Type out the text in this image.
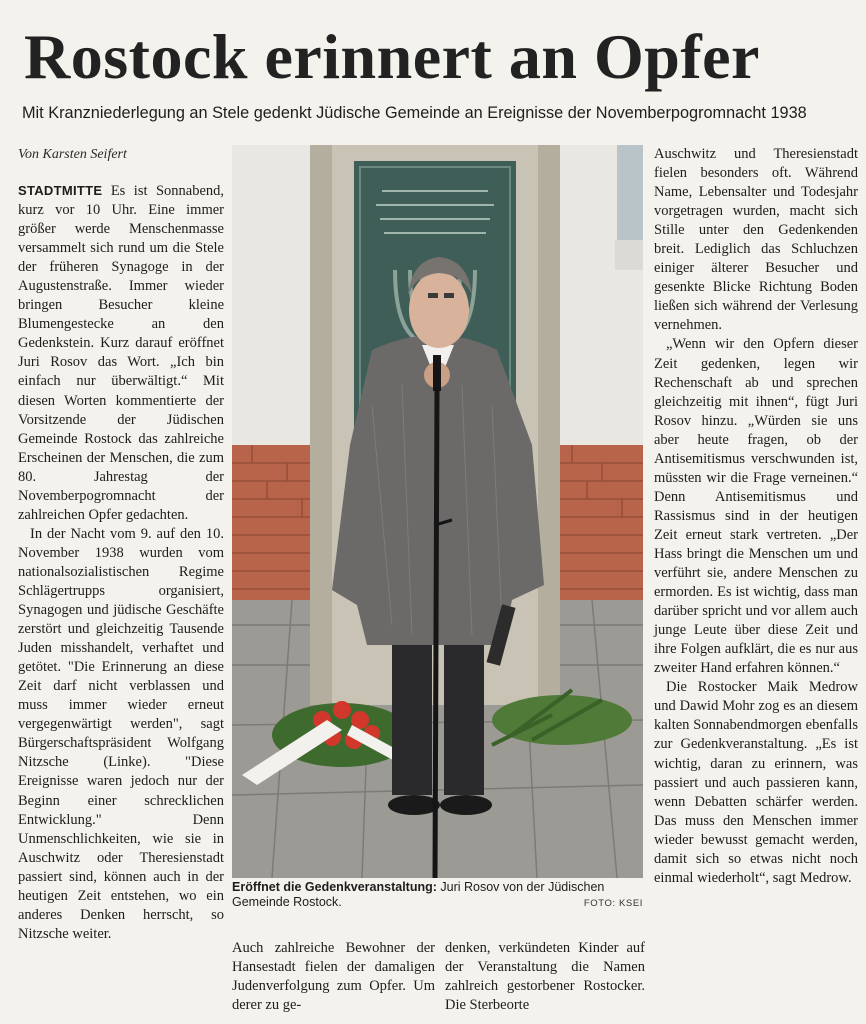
Rostock erinnert an Opfer
Mit Kranzniederlegung an Stele gedenkt Jüdische Gemeinde an Ereignisse der Novemberpogromnacht 1938
Von Karsten Seifert

STADTMITTE Es ist Sonnabend, kurz vor 10 Uhr. Eine immer größer werde Menschenmasse versammelt sich rund um die Stele der früheren Synagoge in der Augustenstraße. Immer wieder bringen Besucher kleine Blumengestecke an den Gedenkstein. Kurz darauf eröffnet Juri Rosov das Wort. „Ich bin einfach nur überwältigt.“ Mit diesen Worten kommentierte der Vorsitzende der Jüdischen Gemeinde Rostock das zahlreiche Erscheinen der Menschen, die zum 80. Jahrestag der Novemberpogromnacht der zahlreichen Opfer gedachten.

In der Nacht vom 9. auf den 10. November 1938 wurden vom nationalsozialistischen Regime Schlägertrupps organisiert, Synagogen und jüdische Geschäfte zerstört und gleichzeitig Tausende Juden misshandelt, verhaftet und getötet. "Die Erinnerung an diese Zeit darf nicht verblassen und muss immer wieder erneut vergegenwärtigt werden", sagt Bürgerschaftspräsident Wolfgang Nitzsche (Linke). "Diese Ereignisse waren jedoch nur der Beginn einer schrecklichen Entwicklung." Denn Unmenschlichkeiten, wie sie in Auschwitz oder Theresienstadt passiert sind, können auch in der heutigen Zeit entstehen, wo ein anderes Denken herrscht, so Nitzsche weiter.

Eröffnet die Gedenkveranstaltung: Juri Rosov von der Jüdischen Gemeinde Rostock.	FOTO: KSEI

Auch zahlreiche Bewohner der Hansestadt fielen der damaligen Judenverfolgung zum Opfer. Um derer zu ge-

denken, verkündeten Kinder auf der Veranstaltung die Namen zahlreich gestorbener Rostocker. Die Sterbeorte

Auschwitz und Theresienstadt fielen besonders oft. Während Name, Lebensalter und Todesjahr vorgetragen wurden, macht sich Stille unter den Gedenkenden breit. Lediglich das Schluchzen einiger älterer Besucher und gesenkte Blicke Richtung Boden ließen sich während der Verlesung vernehmen.

„Wenn wir den Opfern dieser Zeit gedenken, legen wir Rechenschaft ab und sprechen gleichzeitig mit ihnen“, fügt Juri Rosov hinzu. „Würden sie uns aber heute fragen, ob der Antisemitismus verschwunden ist, müssten wir die Frage verneinen.“ Denn Antisemitismus und Rassismus sind in der heutigen Zeit erneut stark vertreten. „Der Hass bringt die Menschen um und verführt sie, andere Menschen zu ermorden. Es ist wichtig, dass man darüber spricht und vor allem auch junge Leute über diese Zeit und ihre Folgen aufklärt, die es nur aus zweiter Hand erfahren können.“

Die Rostocker Maik Medrow und Dawid Mohr zog es an diesem kalten Sonnabendmorgen ebenfalls zur Gedenkveranstaltung. „Es ist wichtig, daran zu erinnern, was passiert und auch passieren kann, wenn Debatten schärfer werden. Das muss den Menschen immer wieder bewusst gemacht werden, damit sich so etwas nicht noch einmal wiederholt“, sagt Medrow.
